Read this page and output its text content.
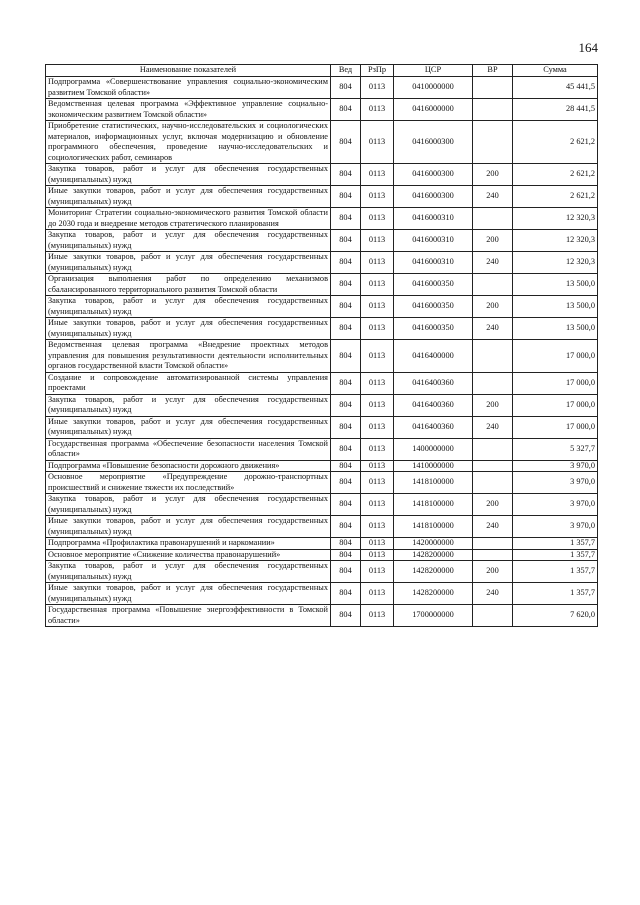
164
Наименование показателей	Вед	РзПр	ЦСР	ВР	Сумма
Подпрограмма «Совершенствование управления социально-экономическим развитием Томской области»	804	0113	0410000000		45 441,5
Ведомственная целевая программа «Эффективное управление социально-экономическим развитием Томской области»	804	0113	0416000000		28 441,5
Приобретение статистических, научно-исследовательских и социологических материалов, информационных услуг, включая модернизацию и обновление программного обеспечения, проведение научно-исследовательских и социологических работ, семинаров	804	0113	0416000300		2 621,2
Закупка товаров, работ и услуг для обеспечения государственных (муниципальных) нужд	804	0113	0416000300	200	2 621,2
Иные закупки товаров, работ и услуг для обеспечения государственных (муниципальных) нужд	804	0113	0416000300	240	2 621,2
Мониторинг Стратегии социально-экономического развития Томской области до 2030 года и внедрение методов стратегического планирования	804	0113	0416000310		12 320,3
Закупка товаров, работ и услуг для обеспечения государственных (муниципальных) нужд	804	0113	0416000310	200	12 320,3
Иные закупки товаров, работ и услуг для обеспечения государственных (муниципальных) нужд	804	0113	0416000310	240	12 320,3
Организация выполнения работ по определению механизмов сбалансированного территориального развития Томской области	804	0113	0416000350		13 500,0
Закупка товаров, работ и услуг для обеспечения государственных (муниципальных) нужд	804	0113	0416000350	200	13 500,0
Иные закупки товаров, работ и услуг для обеспечения государственных (муниципальных) нужд	804	0113	0416000350	240	13 500,0
Ведомственная целевая программа «Внедрение проектных методов управления для повышения результативности деятельности исполнительных органов государственной власти Томской области»	804	0113	0416400000		17 000,0
Создание и сопровождение автоматизированной системы управления проектами	804	0113	0416400360		17 000,0
Закупка товаров, работ и услуг для обеспечения государственных (муниципальных) нужд	804	0113	0416400360	200	17 000,0
Иные закупки товаров, работ и услуг для обеспечения государственных (муниципальных) нужд	804	0113	0416400360	240	17 000,0
Государственная программа «Обеспечение безопасности населения Томской области»	804	0113	1400000000		5 327,7
Подпрограмма «Повышение безопасности дорожного движения»	804	0113	1410000000		3 970,0
Основное мероприятие «Предупреждение дорожно-транспортных происшествий и снижение тяжести их последствий»	804	0113	1418100000		3 970,0
Закупка товаров, работ и услуг для обеспечения государственных (муниципальных) нужд	804	0113	1418100000	200	3 970,0
Иные закупки товаров, работ и услуг для обеспечения государственных (муниципальных) нужд	804	0113	1418100000	240	3 970,0
Подпрограмма «Профилактика правонарушений и наркомании»	804	0113	1420000000		1 357,7
Основное мероприятие «Снижение количества правонарушений»	804	0113	1428200000		1 357,7
Закупка товаров, работ и услуг для обеспечения государственных (муниципальных) нужд	804	0113	1428200000	200	1 357,7
Иные закупки товаров, работ и услуг для обеспечения государственных (муниципальных) нужд	804	0113	1428200000	240	1 357,7
Государственная программа «Повышение энергоэффективности в Томской области»	804	0113	1700000000		7 620,0
